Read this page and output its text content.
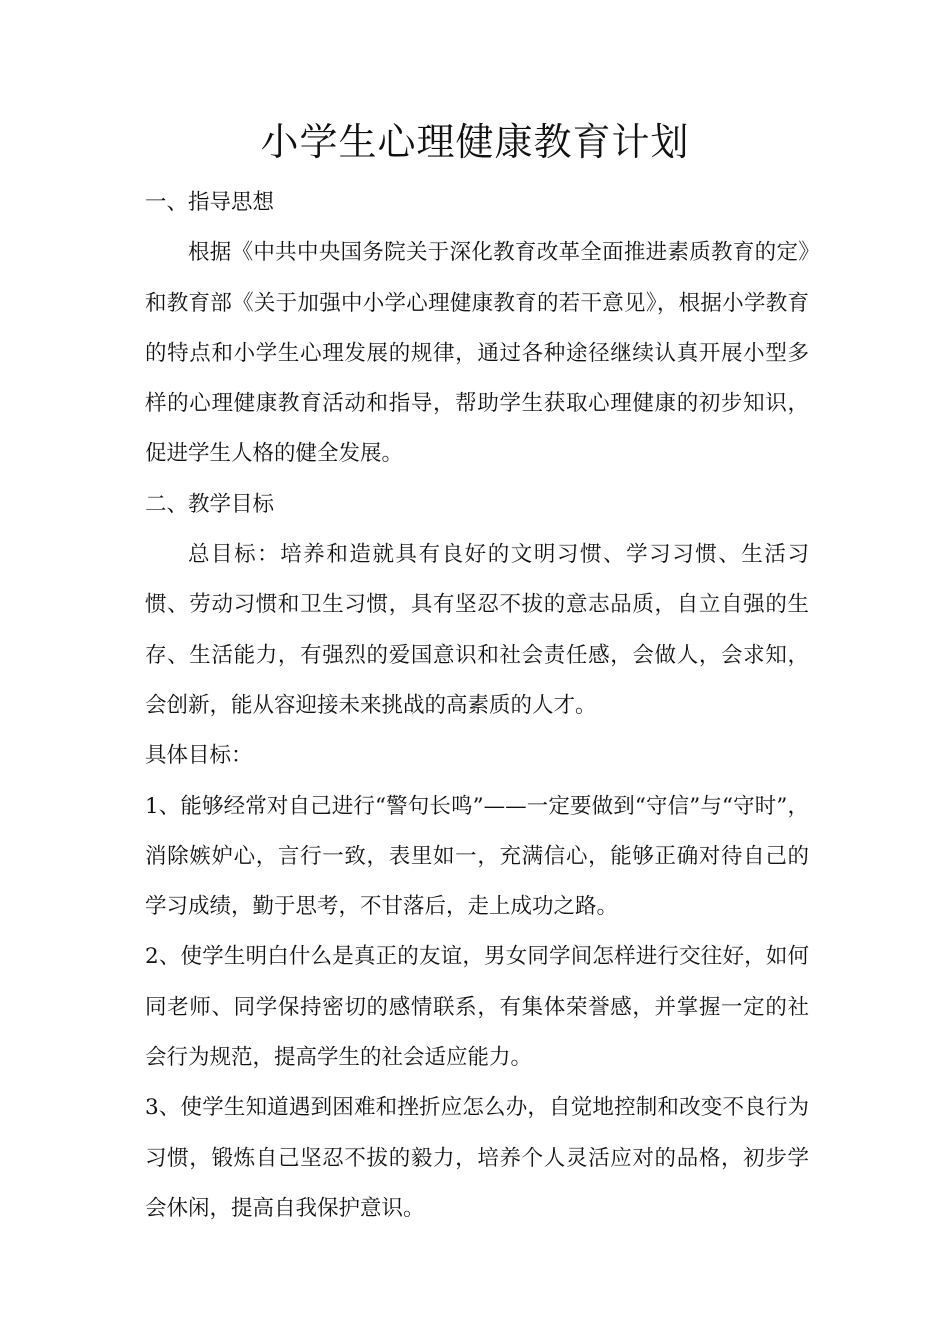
小学生心理健康教育计划

一、指导思想

根据《中共中央国务院关于深化教育改革全面推进素质教育的定》和教育部《关于加强中小学心理健康教育的若干意见》，根据小学教育的特点和小学生心理发展的规律，通过各种途径继续认真开展小型多样的心理健康教育活动和指导，帮助学生获取心理健康的初步知识，促进学生人格的健全发展。

二、教学目标

总目标：培养和造就具有良好的文明习惯、学习习惯、生活习惯、劳动习惯和卫生习惯，具有坚忍不拔的意志品质，自立自强的生存、生活能力，有强烈的爱国意识和社会责任感，会做人，会求知，会创新，能从容迎接未来挑战的高素质的人才。

具体目标：

1、能够经常对自己进行“警句长鸣”——一定要做到“守信”与“守时”，消除嫉妒心，言行一致，表里如一，充满信心，能够正确对待自己的学习成绩，勤于思考，不甘落后，走上成功之路。

2、使学生明白什么是真正的友谊，男女同学间怎样进行交往好，如何同老师、同学保持密切的感情联系，有集体荣誉感，并掌握一定的社会行为规范，提高学生的社会适应能力。

3、使学生知道遇到困难和挫折应怎么办，自觉地控制和改变不良行为习惯，锻炼自己坚忍不拔的毅力，培养个人灵活应对的品格，初步学会休闲，提高自我保护意识。
